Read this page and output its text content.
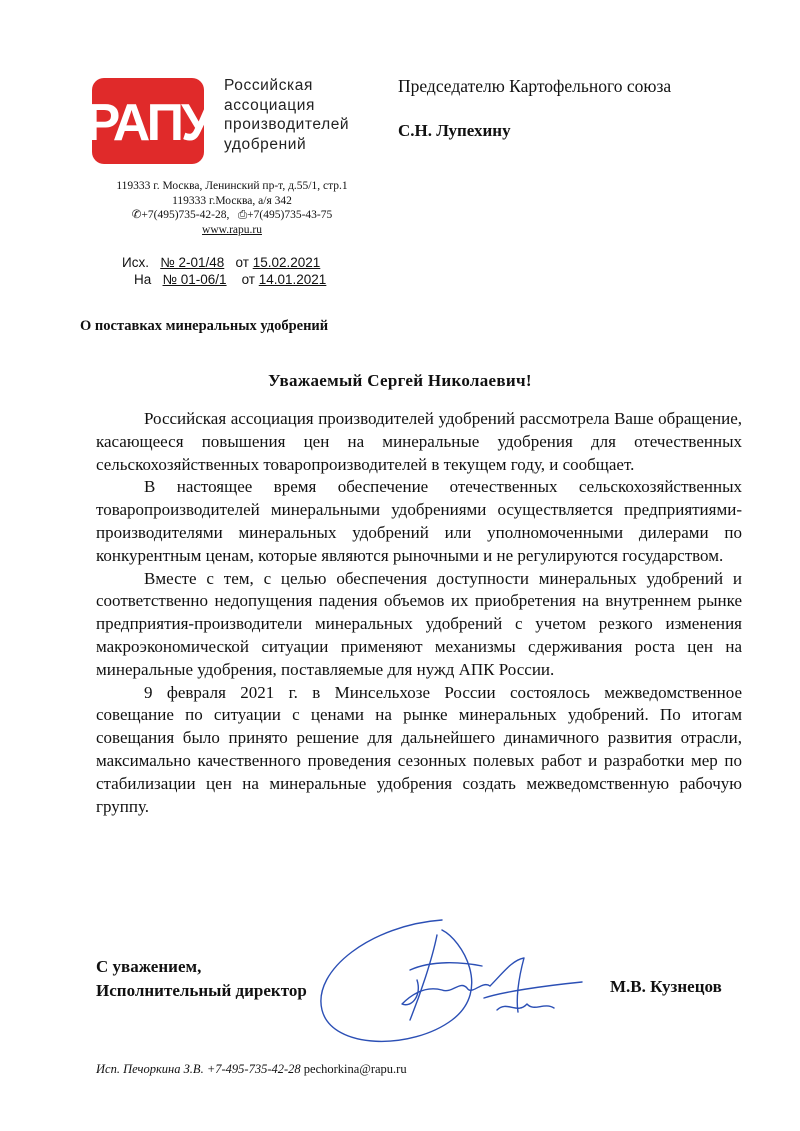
РАПУ
Российская
ассоциация
производителей
удобрений
Председателю Картофельного союза
С.Н. Лупехину
119333 г. Москва, Ленинский пр-т, д.55/1, стр.1
119333 г.Москва, а/я 342
✆+7(495)735-42-28, ⎙+7(495)735-43-75
www.rapu.ru
Исх. № 2-01/48 от 15.02.2021
На № 01-06/1 от 14.01.2021
О поставках минеральных удобрений
Уважаемый Сергей Николаевич!

Российская ассоциация производителей удобрений рассмотрела Ваше обращение, касающееся повышения цен на минеральные удобрения для отечественных сельскохозяйственных товаропроизводителей в текущем году, и сообщает.

В настоящее время обеспечение отечественных сельскохозяйственных товаропроизводителей минеральными удобрениями осуществляется предприятиями-производителями минеральных удобрений или уполномоченными дилерами по конкурентным ценам, которые являются рыночными и не регулируются государством.

Вместе с тем, с целью обеспечения доступности минеральных удобрений и соответственно недопущения падения объемов их приобретения на внутреннем рынке предприятия-производители минеральных удобрений с учетом резкого изменения макроэкономической ситуации применяют механизмы сдерживания роста цен на минеральные удобрения, поставляемые для нужд АПК России.

9 февраля 2021 г. в Минсельхозе России состоялось межведомственное совещание по ситуации с ценами на рынке минеральных удобрений. По итогам совещания было принято решение для дальнейшего динамичного развития отрасли, максимально качественного проведения сезонных полевых работ и разработки мер по стабилизации цен на минеральные удобрения создать межведомственную рабочую группу.

С уважением,
Исполнительный директор	М.В. Кузнецов
Исп. Печоркина З.В. +7-495-735-42-28 pechorkina@rapu.ru
